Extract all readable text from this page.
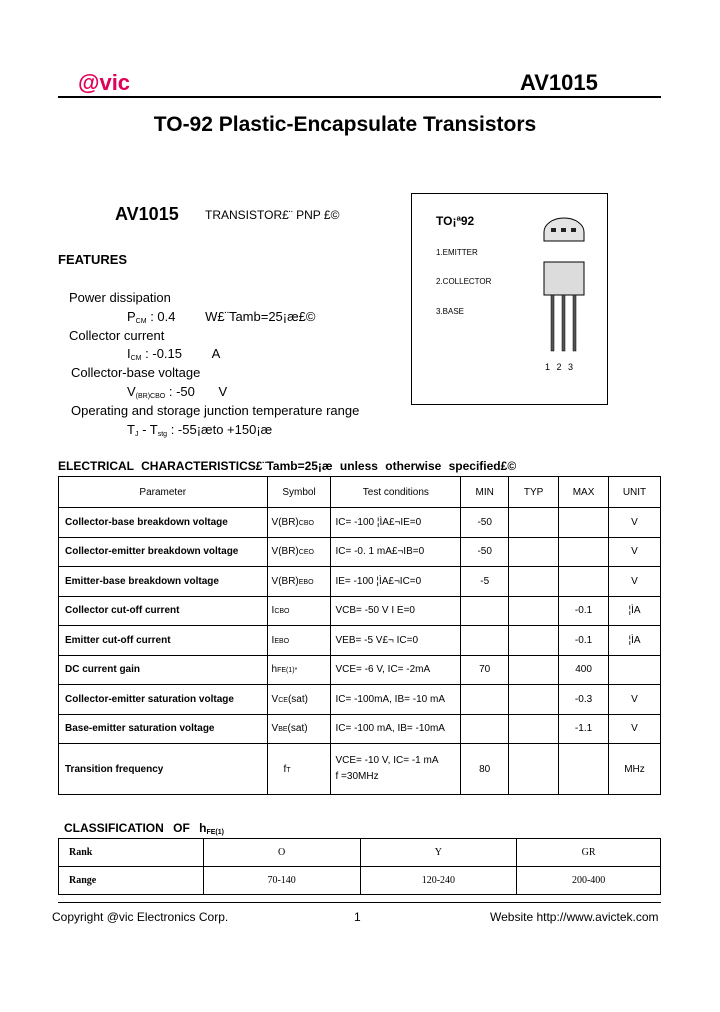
@vic	AV1015
TO-92 Plastic-Encapsulate Transistors
AV1015 TRANSISTOR£¨ PNP £©
FEATURES
Power dissipation
$P_{CM}$ : 0.4 W£¨Tamb=25¡æ£©
Collector current
$I_{CM}$ : -0.15 A
Collector-base voltage
$V_{(BR)CBO}$ : -50 V
Operating and storage junction temperature range
$T_J - T_{stg}$ : -55¡æto +150¡æ
TO¡ª92
1.EMITTER
2.COLLECTOR
3.BASE
1 2 3
ELECTRICAL CHARACTERISTICS£¨Tamb=25¡æ unless otherwise specified£©
Parameter	Symbol	Test conditions	MIN	TYP	MAX	UNIT
Collector-base breakdown voltage	V(BR)CBO	IC= -100 ¦ÌA£¬IE=0	-50			V
Collector-emitter breakdown voltage	V(BR)CEO	IC= -0. 1 mA£¬IB=0	-50			V
Emitter-base breakdown voltage	V(BR)EBO	IE= -100 ¦ÌA£¬IC=0	-5			V
Collector cut-off current	ICBO	VCB= -50 V I E=0			-0.1	¦ÌA
Emitter cut-off current	IEBO	VEB= -5 V£¬ IC=0			-0.1	¦ÌA
DC current gain	hFE(1)*	VCE= -6 V, IC= -2mA	70		400	
Collector-emitter saturation voltage	VCE(sat)	IC= -100mA, IB= -10 mA			-0.3	V
Base-emitter saturation voltage	VBE(sat)	IC= -100 mA, IB= -10mA			-1.1	V
Transition frequency	fT	VCE= -10 V, IC= -1 mA
f =30MHz	80			MHz
CLASSIFICATION OF $h_{FE(1)}$
Rank	O	Y	GR
Range	70-140	120-240	200-400
Copyright @vic Electronics Corp.	1	Website http://www.avictek.com
